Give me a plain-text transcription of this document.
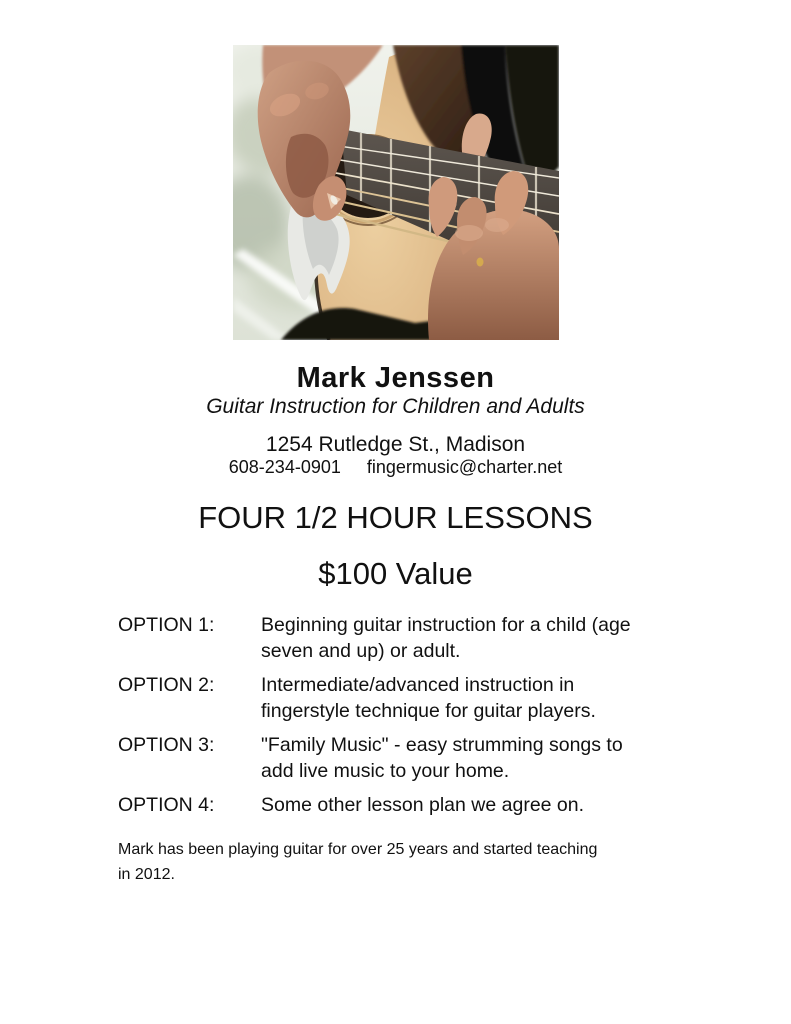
Mark Jenssen
Guitar Instruction for Children and Adults
1254 Rutledge St., Madison
608-234-0901 fingermusic@charter.net
FOUR 1/2 HOUR LESSONS
$100 Value
OPTION 1:	Beginning guitar instruction for a child (age seven and up) or adult.
OPTION 2:	Intermediate/advanced instruction in fingerstyle technique for guitar players.
OPTION 3:	"Family Music" - easy strumming songs to add live music to your home.
OPTION 4:	Some other lesson plan we agree on.

Mark has been playing guitar for over 25 years and started teaching in 2012.
